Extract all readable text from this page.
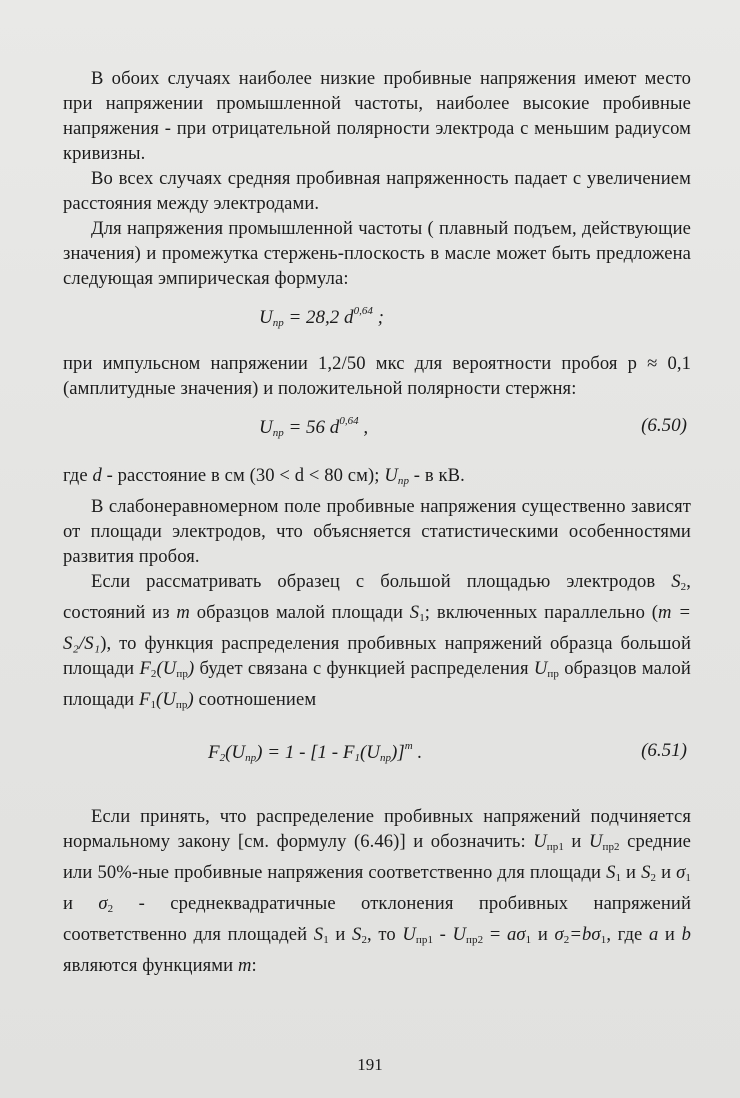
В обоих случаях наиболее низкие пробивные напряжения имеют место при напряжении промышленной частоты, наиболее высокие пробивные напряжения - при отрицательной полярности электрода с меньшим радиусом кривизны.

Во всех случаях средняя пробивная напряженность падает с увеличением расстояния между электродами.

Для напряжения промышленной частоты ( плавный подъем, действующие значения) и промежутка стержень-плоскость в масле может быть предложена следующая эмпирическая формула:

$U_{пр} = 28,2$ $d^{0,64}$ ;

при импульсном напряжении 1,2/50 мкс для вероятности пробоя p ≈ 0,1 (амплитудные значения) и положительной полярности стержня:

$U_{пр} = 56$ $d^{0,64}$ ,	(6.50)

где d - расстояние в см (30 < d < 80 см); $U_{пр}$ - в кВ.

В слабонеравномерном поле пробивные напряжения существенно зависят от площади электродов, что объясняется статистическими особенностями развития пробоя.

Если рассматривать образец с большой площадью электродов $S_2$, состояний из m образцов малой площади $S_1$; включенных параллельно (m = S₂/S₁), то функция распределения пробивных напряжений образца большой площади $F_2(U_{пр})$ будет связана с функцией распределения $U_{пр}$ образцов малой площади $F_1(U_{пр})$ соотношением

$F_2(U_{пр}) = 1 - [1 - F_1(U_{пр})]^m$ .	(6.51)

Если принять, что распределение пробивных напряжений подчиняется нормальному закону [см. формулу (6.46)] и обозначить: $U_{пр1}$ и $U_{пр2}$ средние или 50%-ные пробивные напряжения соответственно для площади $S_1$ и $S_2$ и $\sigma_1$ и $\sigma_2$ - среднеквадратичные отклонения пробивных напряжений соответственно для площадей $S_1$ и $S_2$, то $U_{пр1} - U_{пр2} = a\sigma_1$ и $\sigma_2=b\sigma_1$, где a и b являются функциями m:

191
